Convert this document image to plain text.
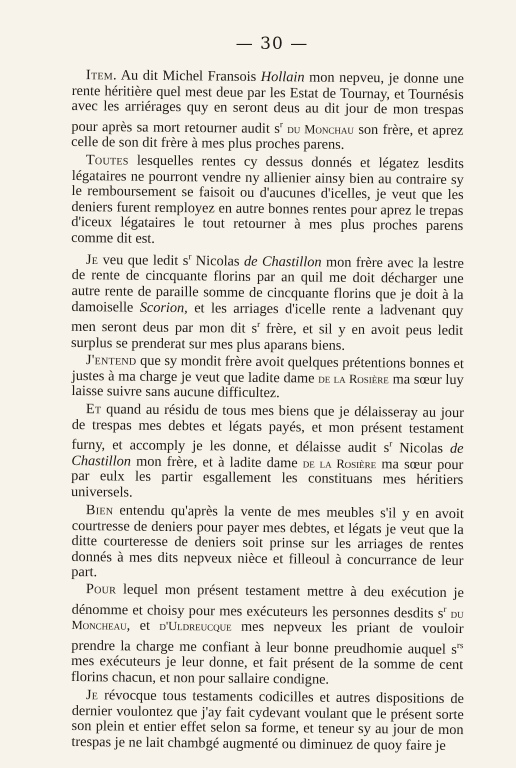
— 30 —

Item. Au dit Michel Fransois Hollain mon nepveu, je donne une rente héritière quel mest deue par les Estat de Tournay, et Tournésis avec les arriérages quy en seront deus au dit jour de mon trespas pour après sa mort retourner audit $s^r$ du Monchau son frère, et aprez celle de son dit frère à mes plus proches parens.

Toutes lesquelles rentes cy dessus donnés et légatez lesdits légataires ne pourront vendre ny allienier ainsy bien au contraire sy le remboursement se faisoit ou d'aucunes d'icelles, je veut que les deniers furent remployez en autre bonnes rentes pour aprez le trepas d'iceux légataires le tout retourner à mes plus proches parens comme dit est.

Je veu que ledit $s^r$ Nicolas de Chastillon mon frère avec la lestre de rente de cincquante florins par an quil me doit décharger une autre rente de paraille somme de cincquante florins que je doit à la damoiselle Scorion, et les arriages d'icelle rente a ladvenant quy men seront deus par mon dit $s^r$ frère, et sil y en avoit peus ledit surplus se prenderat sur mes plus aparans biens.

J'entend que sy mondit frère avoit quelques prétentions bonnes et justes à ma charge je veut que ladite dame de la Rosière ma sœur luy laisse suivre sans aucune difficultez.

Et quand au résidu de tous mes biens que je délaisseray au jour de trespas mes debtes et légats payés, et mon présent testament furny, et accomply je les donne, et délaisse audit $s^r$ Nicolas de Chastillon mon frère, et à ladite dame de la Rosière ma sœur pour par eulx les partir esgallement les constituans mes héritiers universels.

Bien entendu qu'après la vente de mes meubles s'il y en avoit courtresse de deniers pour payer mes debtes, et légats je veut que la ditte courteresse de deniers soit prinse sur les arriages de rentes donnés à mes dits nepveux nièce et filleoul à concurrance de leur part.

Pour lequel mon présent testament mettre à deu exécution je dénomme et choisy pour mes exécuteurs les personnes desdits $s^r$ du Moncheau, et d'Uldreucque mes nepveux les priant de vouloir prendre la charge me confiant à leur bonne preudhomie auquel $s^{rs}$ mes exécuteurs je leur donne, et fait présent de la somme de cent florins chacun, et non pour sallaire condigne.

Je révocque tous testaments codicilles et autres dispositions de dernier voulontez que j'ay fait cydevant voulant que le présent sorte son plein et entier effet selon sa forme, et teneur sy au jour de mon trespas je ne lait chambgé augmenté ou diminuez de quoy faire je
